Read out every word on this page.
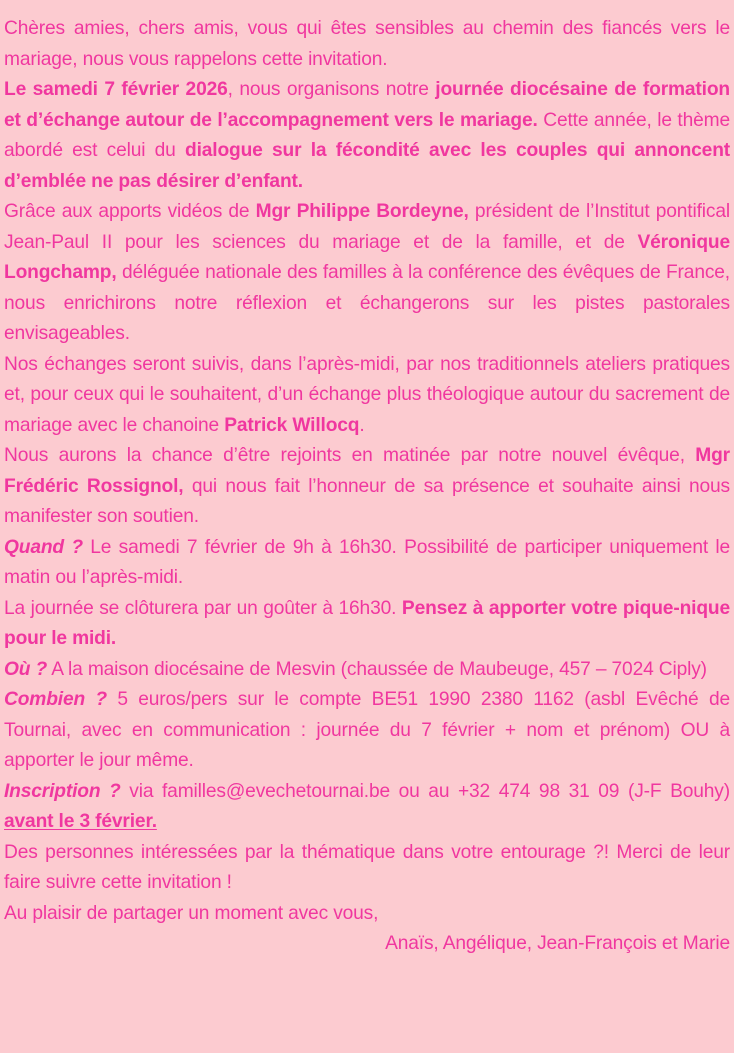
Chères amies, chers amis, vous qui êtes sensibles au chemin des fiancés vers le mariage, nous vous rappelons cette invitation.

Le samedi 7 février 2026, nous organisons notre journée diocésaine de formation et d’échange autour de l’accompagnement vers le mariage. Cette année, le thème abordé est celui du dialogue sur la fécondité avec les couples qui annoncent d’emblée ne pas désirer d’enfant.

Grâce aux apports vidéos de Mgr Philippe Bordeyne, président de l’Institut pontifical Jean-Paul II pour les sciences du mariage et de la famille, et de Véronique Longchamp, déléguée nationale des familles à la conférence des évêques de France, nous enrichirons notre réflexion et échangerons sur les pistes pastorales envisageables.

Nos échanges seront suivis, dans l’après-midi, par nos traditionnels ateliers pratiques et, pour ceux qui le souhaitent, d’un échange plus théologique autour du sacrement de mariage avec le chanoine Patrick Willocq.

Nous aurons la chance d’être rejoints en matinée par notre nouvel évêque, Mgr Frédéric Rossignol, qui nous fait l’honneur de sa présence et souhaite ainsi nous manifester son soutien.

Quand ? Le samedi 7 février de 9h à 16h30. Possibilité de participer uniquement le matin ou l’après-midi.

La journée se clôturera par un goûter à 16h30. Pensez à apporter votre pique-nique pour le midi.

Où ? A la maison diocésaine de Mesvin (chaussée de Maubeuge, 457 – 7024 Ciply)

Combien ? 5 euros/pers sur le compte BE51 1990 2380 1162 (asbl Evêché de Tournai, avec en communication : journée du 7 février + nom et prénom) OU à apporter le jour même.

Inscription ? via familles@evechetournai.be ou au +32 474 98 31 09 (J-F Bouhy) avant le 3 février.

Des personnes intéressées par la thématique dans votre entourage ?! Merci de leur faire suivre cette invitation !

Au plaisir de partager un moment avec vous,

Anaïs, Angélique, Jean-François et Marie
